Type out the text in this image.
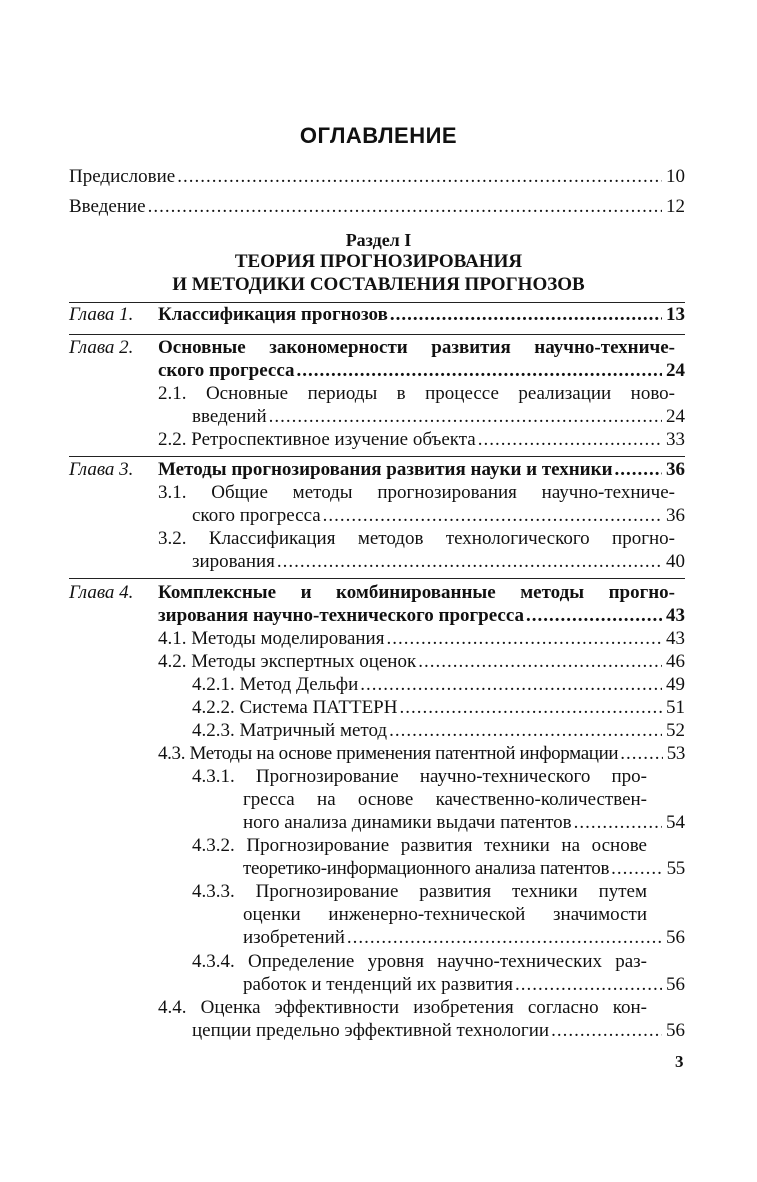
ОГЛАВЛЕНИЕ
Предисловие .....	10
Введение .....	12
Раздел I
ТЕОРИЯ ПРОГНОЗИРОВАНИЯ
И МЕТОДИКИ СОСТАВЛЕНИЯ ПРОГНОЗОВ
Глава 1.	Классификация прогнозов .....	13
Глава 2. Основные закономерности развития научно-техниче-
ского прогресса .....	24
2.1. Основные периоды в процессе реализации ново-
введений .....	24
2.2. Ретроспективное изучение объекта .....	33
Глава 3.	Методы прогнозирования развития науки и техники .....	36
3.1. Общие методы прогнозирования научно-техниче-
ского прогресса .....	36
3.2. Классификация методов технологического прогно-
зирования .....	40
Глава 4. Комплексные и комбинированные методы прогно-
зирования научно-технического прогресса .....	43
4.1. Методы моделирования .....	43
4.2. Методы экспертных оценок .....	46
4.2.1. Метод Дельфи .....	49
4.2.2. Система ПАТТЕРН .....	51
4.2.3. Матричный метод .....	52
4.3. Методы на основе применения патентной информации .....	53
4.3.1. Прогнозирование научно-технического про-
гресса на основе качественно-количествен-
ного анализа динамики выдачи патентов .....	54
4.3.2. Прогнозирование развития техники на основе
теоретико-информационного анализа патентов .....	55
4.3.3. Прогнозирование развития техники путем
оценки инженерно-технической значимости
изобретений .....	56
4.3.4. Определение уровня научно-технических раз-
работок и тенденций их развития .....	56
4.4. Оценка эффективности изобретения согласно кон-
цепции предельно эффективной технологии .....	56
3
